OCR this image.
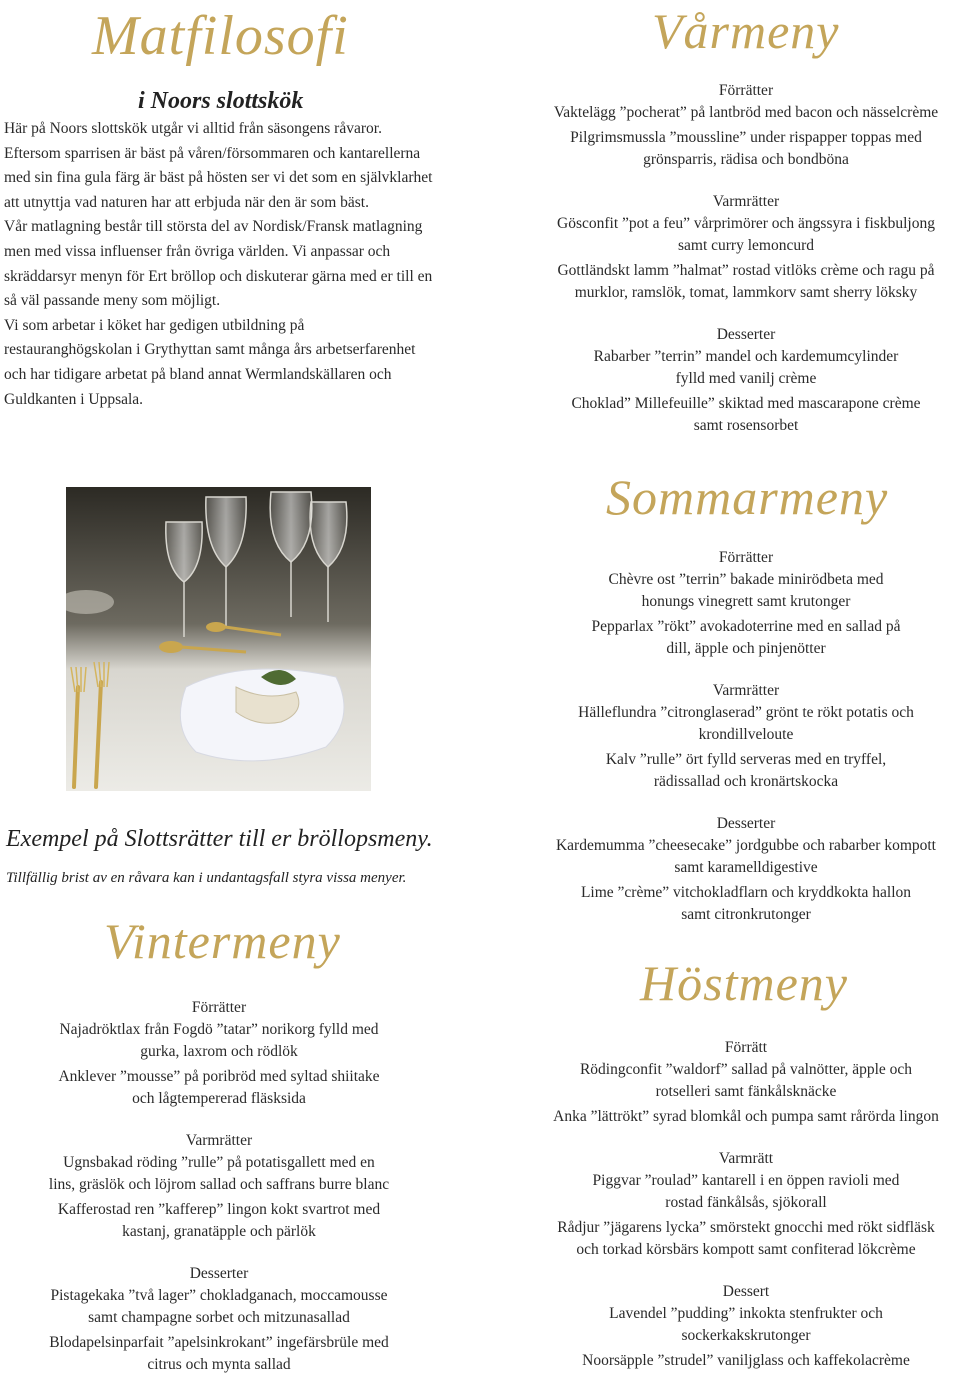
Matfilosofi
i Noors slottskök

Här på Noors slottskök utgår vi alltid från säsongens råvaror. Eftersom sparrisen är bäst på våren/försommaren och kantarellerna med sin fina gula färg är bäst på hösten ser vi det som en självklarhet att utnyttja vad naturen har att erbjuda när den är som bäst.

Vår matlagning består till största del av Nordisk/Fransk matlagning men med vissa influenser från övriga världen. Vi anpassar och skräddarsyr menyn för Ert bröllop och diskuterar gärna med er till en så väl passande meny som möjligt.

Vi som arbetar i köket har gedigen utbildning på restauranghögskolan i Grythyttan samt många års arbetserfarenhet och har tidigare arbetat på bland annat Wermlandskällaren och Guldkanten i Uppsala.

Exempel på Slottsrätter till er bröllopsmeny.

Tillfällig brist av en råvara kan i undantagsfall styra vissa menyer.

Vintermeny

Förrätter

Najadröktlax från Fogdö ”tatar” norikorg fylld med

gurka, laxrom och rödlök

Anklever ”mousse” på poribröd med syltad shiitake

och lågtempererad fläsksida

Varmrätter

Ugnsbakad röding ”rulle” på potatisgallett med en

lins, gräslök och löjrom sallad och saffrans burre blanc

Kafferostad ren ”kafferep” lingon kokt svartrot med

kastanj, granatäpple och pärlök

Desserter

Pistagekaka ”två lager” chokladganach, moccamousse

samt champagne sorbet och mitzunasallad

Blodapelsinparfait ”apelsinkrokant” ingefärsbrüle med

citrus och mynta sallad

Vårmeny

Förrätter

Vaktelägg ”pocherat” på lantbröd med bacon och nässelcrème

Pilgrimsmussla ”moussline” under rispapper toppas med

grönsparris, rädisa och bondböna

Varmrätter

Gösconfit ”pot a feu” vårprimörer och ängssyra i fiskbuljong

samt curry lemoncurd

Gottländskt lamm ”halmat” rostad vitlöks crème och ragu på

murklor, ramslök, tomat, lammkorv samt sherry löksky

Desserter

Rabarber ”terrin” mandel och kardemumcylinder

fylld med vanilj crème

Choklad” Millefeuille” skiktad med mascarapone crème

samt rosensorbet

Sommarmeny

Förrätter

Chèvre ost ”terrin” bakade minirödbeta med

honungs vinegrett samt krutonger

Pepparlax ”rökt” avokadoterrine med en sallad på

dill, äpple och pinjenötter

Varmrätter

Hälleflundra ”citronglaserad” grönt te rökt potatis och

krondillveloute

Kalv ”rulle” ört fylld serveras med en tryffel,

rädissallad och kronärtskocka

Desserter

Kardemumma ”cheesecake” jordgubbe och rabarber kompott

samt karamelldigestive

Lime ”crème” vitchokladflarn och kryddkokta hallon

samt citronkrutonger

Höstmeny

Förrätt

Rödingconfit ”waldorf” sallad på valnötter, äpple och

rotselleri samt fänkålsknäcke

Anka ”lättrökt” syrad blomkål och pumpa samt rårörda lingon

Varmrätt

Piggvar ”roulad” kantarell i en öppen ravioli med

rostad fänkålsås, sjökorall

Rådjur ”jägarens lycka” smörstekt gnocchi med rökt sidfläsk

och torkad körsbärs kompott samt confiterad lökcrème

Dessert

Lavendel ”pudding” inkokta stenfrukter och

sockerkakskrutonger

Noorsäpple ”strudel” vaniljglass och kaffekolacrème
